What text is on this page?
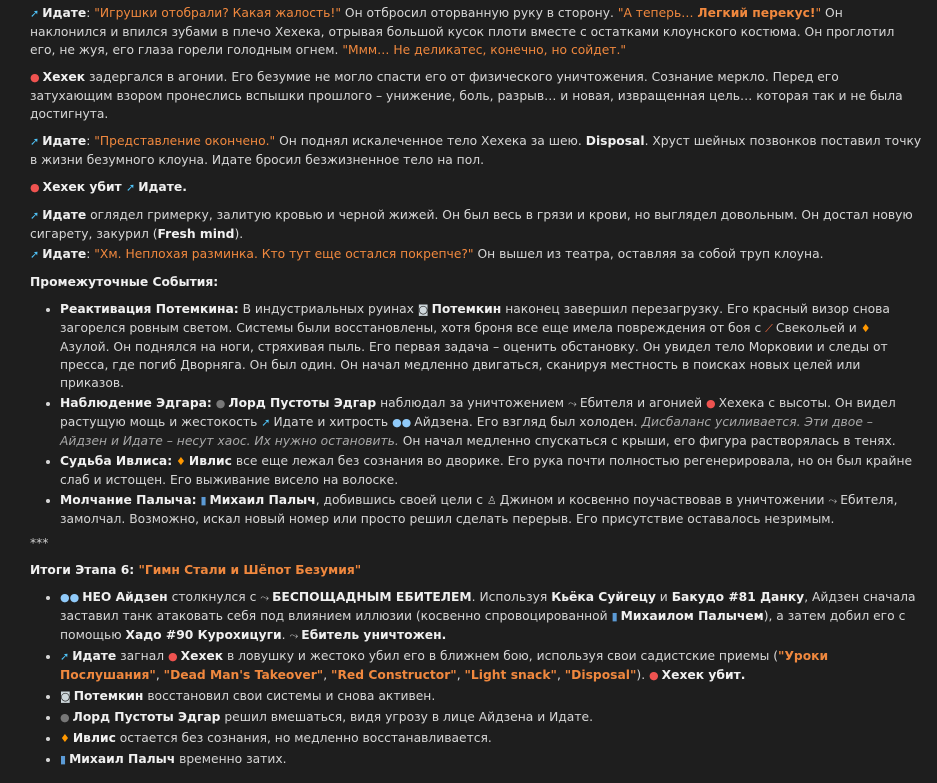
➚ Идате: "Игрушки отобрали? Какая жалость!" Он отбросил оторванную руку в сторону. "А теперь… Легкий перекус!" Он наклонился и впился зубами в плечо Хехека, отрывая большой кусок плоти вместе с остатками клоунского костюма. Он проглотил его, не жуя, его глаза горели голодным огнем. "Ммм… Не деликатес, конечно, но сойдет."

● Хехек задергался в агонии. Его безумие не могло спасти его от физического уничтожения. Сознание меркло. Перед его затухающим взором пронеслись вспышки прошлого – унижение, боль, разрыв… и новая, извращенная цель… которая так и не была достигнута.

➚ Идате: "Представление окончено." Он поднял искалеченное тело Хехека за шею. Disposal. Хруст шейных позвонков поставил точку в жизни безумного клоуна. Идате бросил безжизненное тело на пол.

● Хехек убит ➚ Идате.

➚ Идате оглядел гримерку, залитую кровью и черной жижей. Он был весь в грязи и крови, но выглядел довольным. Он достал новую сигарету, закурил (Fresh mind).

➚ Идате: "Хм. Неплохая разминка. Кто тут еще остался покрепче?" Он вышел из театра, оставляя за собой труп клоуна.

Промежуточные События:

• Реактивация Потемкина: В индустриальных руинах ◙ Потемкин наконец завершил перезагрузку. Его красный визор снова загорелся ровным светом. Системы были восстановлены, хотя броня все еще имела повреждения от боя с ⟋ Свекольей и ♦Азулой. Он поднялся на ноги, стряхивая пыль. Его первая задача – оценить обстановку. Он увидел тело Морковии и следы от пресса, где погиб Дворняга. Он был один. Он начал медленно двигаться, сканируя местность в поисках новых целей или приказов.
• Наблюдение Эдгара: ● Лорд Пустоты Эдгар наблюдал за уничтожением ⤳ Ебителя и агонией ● Хехека с высоты. Он видел растущую мощь и жестокость ➚ Идате и хитрость ●● Айдзена. Его взгляд был холоден. Дисбаланс усиливается. Эти двое – Айдзен и Идате – несут хаос. Их нужно остановить. Он начал медленно спускаться с крыши, его фигура растворялась в тенях.
• Судьба Ивлиса: ♦ Ивлис все еще лежал без сознания во дворике. Его рука почти полностью регенерировала, но он был крайне слаб и истощен. Его выживание висело на волоске.
• Молчание Палыча: ▮ Михаил Палыч, добившись своей цели с ♙ Джином и косвенно поучаствовав в уничтожении ⤳ Ебителя, замолчал. Возможно, искал новый номер или просто решил сделать перерыв. Его присутствие оставалось незримым.

***

Итоги Этапа 6: "Гимн Стали и Шёпот Безумия"

• ●● НЕО Айдзен столкнулся с ⤳ БЕСПОЩАДНЫМ ЕБИТЕЛЕМ. Используя Кьёка Суйгецу и Бакудо #81 Данку, Айдзен сначала заставил танк атаковать себя под влиянием иллюзии (косвенно спровоцированной ▮ Михаилом Палычем), а затем добил его с помощью Хадо #90 Курохицуги. ⤳ Ебитель уничтожен.
• ➚ Идате загнал ● Хехек в ловушку и жестоко убил его в ближнем бою, используя свои садистские приемы ("Уроки Послушания", "Dead Man's Takeover", "Red Constructor", "Light snack", "Disposal"). ● Хехек убит.
• ◙ Потемкин восстановил свои системы и снова активен.
• ● Лорд Пустоты Эдгар решил вмешаться, видя угрозу в лице Айдзена и Идате.
• ♦ Ивлис остается без сознания, но медленно восстанавливается.
• ▮ Михаил Палыч временно затих.
